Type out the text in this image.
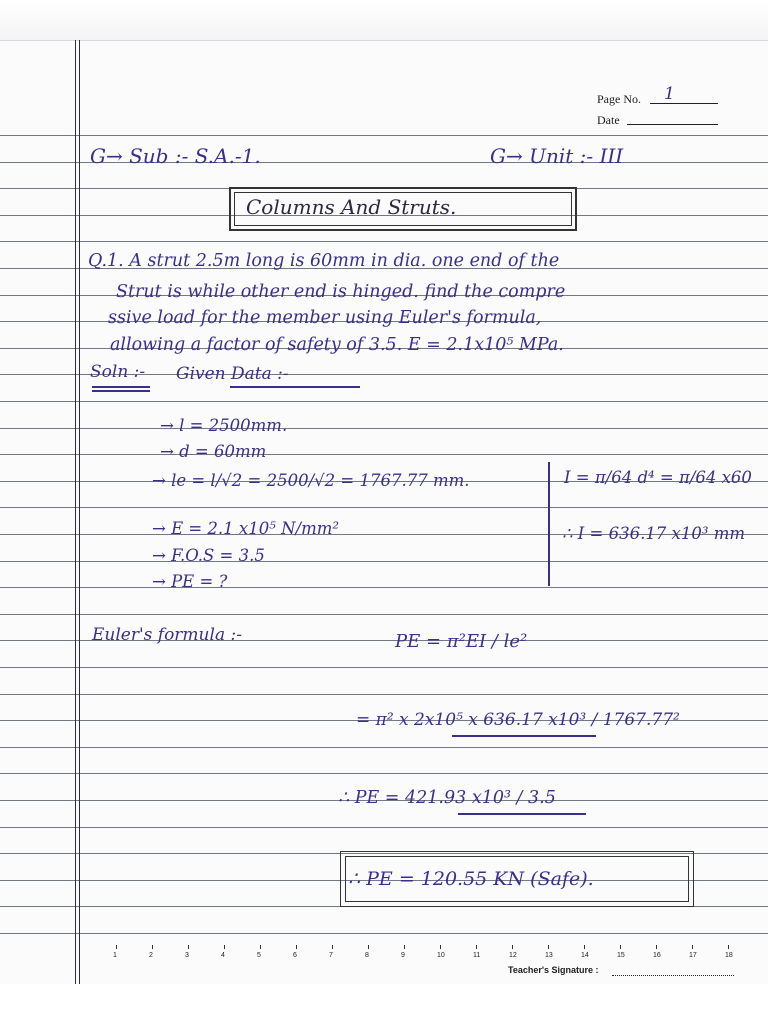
Page No. 1
Date
G→ Sub :- S.A.-1.	G→ Unit :- III
Columns And Struts.
Q.1. A strut 2.5m long is 60mm in dia. one end of the
Strut is while other end is hinged. find the compre
ssive load for the member using Euler's formula,
allowing a factor of safety of 3.5. E = 2.1x10⁵ MPa.
Soln :- Given Data :-
→ l = 2500mm.
→ d = 60mm
→ le = l/√2 = 2500/√2 = 1767.77 mm.
→ E = 2.1 x10⁵ N/mm²
→ F.O.S = 3.5
→ PE = ?
I = π/64 d⁴ = π/64 x60
∴ I = 636.17 x10³ mm
Euler's formula :-	PE = π²EI / le²
= π² x 2x10⁵ x 636.17 x10³ / 1767.77²
∴ PE = 421.93 x10³ / 3.5
∴ PE = 120.55 KN (Safe).
1	2	3	4	5	6	7	8	9	10	11	12	13	14	15	16	17	18
Teacher's Signature :
